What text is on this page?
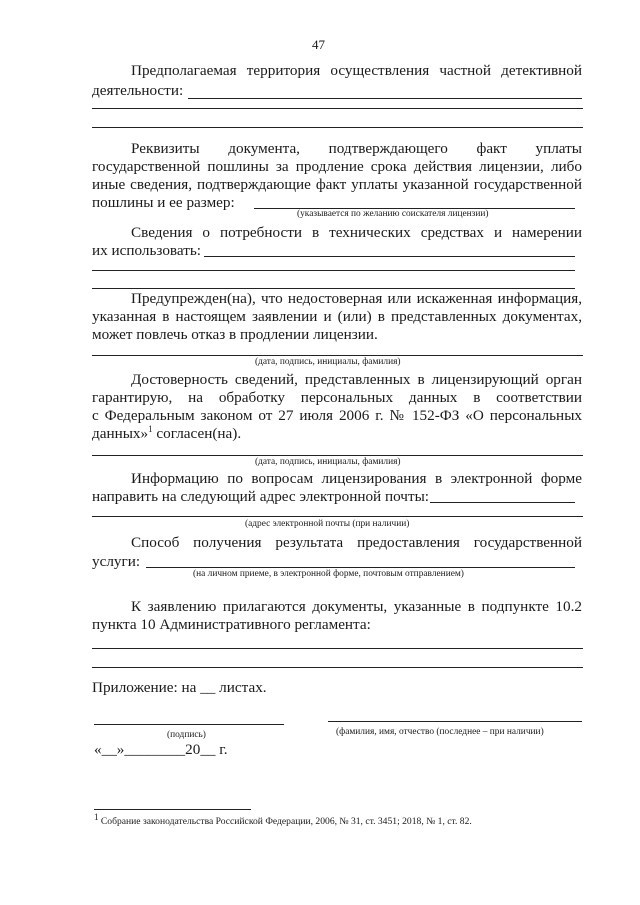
47
Предполагаемая территория осуществления частной детективной
деятельности:
Реквизиты документа, подтверждающего факт уплаты
государственной пошлины за продление срока действия лицензии, либо
иные сведения, подтверждающие факт уплаты указанной государственной
пошлины и ее размер:
(указывается по желанию соискателя лицензии)
Сведения о потребности в технических средствах и намерении
их использовать:
Предупрежден(на), что недостоверная или искаженная информация,
указанная в настоящем заявлении и (или) в представленных документах,
может повлечь отказ в продлении лицензии.
(дата, подпись, инициалы, фамилия)
Достоверность сведений, представленных в лицензирующий орган
гарантирую, на обработку персональных данных в соответствии
с Федеральным законом от 27 июля 2006 г. № 152-ФЗ «О персональных
данных»$^1$ согласен(на).
(дата, подпись, инициалы, фамилия)
Информацию по вопросам лицензирования в электронной форме
направить на следующий адрес электронной почты:
(адрес электронной почты (при наличии)
Способ получения результата предоставления государственной
услуги:
(на личном приеме, в электронной форме, почтовым отправлением)
К заявлению прилагаются документы, указанные в подпункте 10.2
пункта 10 Административного регламента:
Приложение: на __ листах.
(подпись)	(фамилия, имя, отчество (последнее – при наличии)
«__»________20__ г.
$^1$ Собрание законодательства Российской Федерации, 2006, № 31, ст. 3451; 2018, № 1, ст. 82.
